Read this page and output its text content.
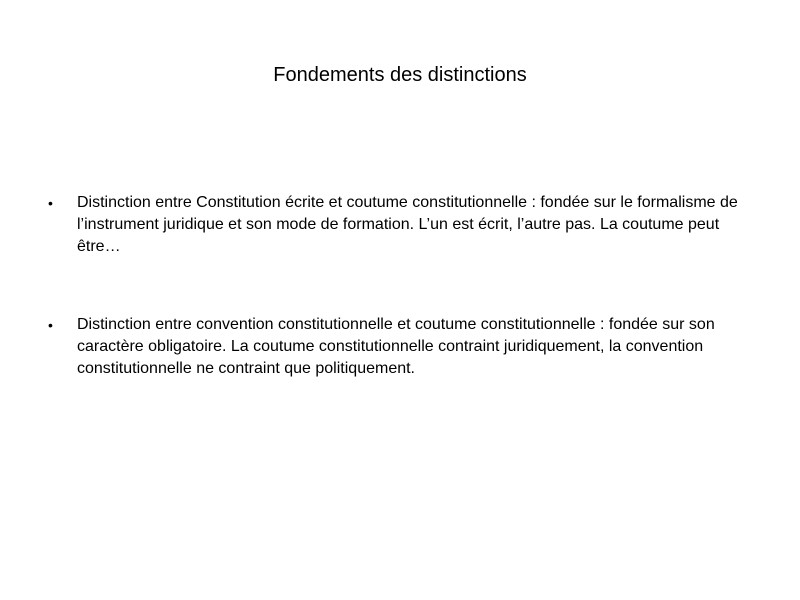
Fondements des distinctions
• Distinction entre Constitution écrite et coutume constitutionnelle : fondée sur le formalisme de l’instrument juridique et son mode de formation. L’un est écrit, l’autre pas. La coutume peut être…
• Distinction entre convention constitutionnelle et coutume constitutionnelle : fondée sur son caractère obligatoire. La coutume constitutionnelle contraint juridiquement, la convention constitutionnelle ne contraint que politiquement.
